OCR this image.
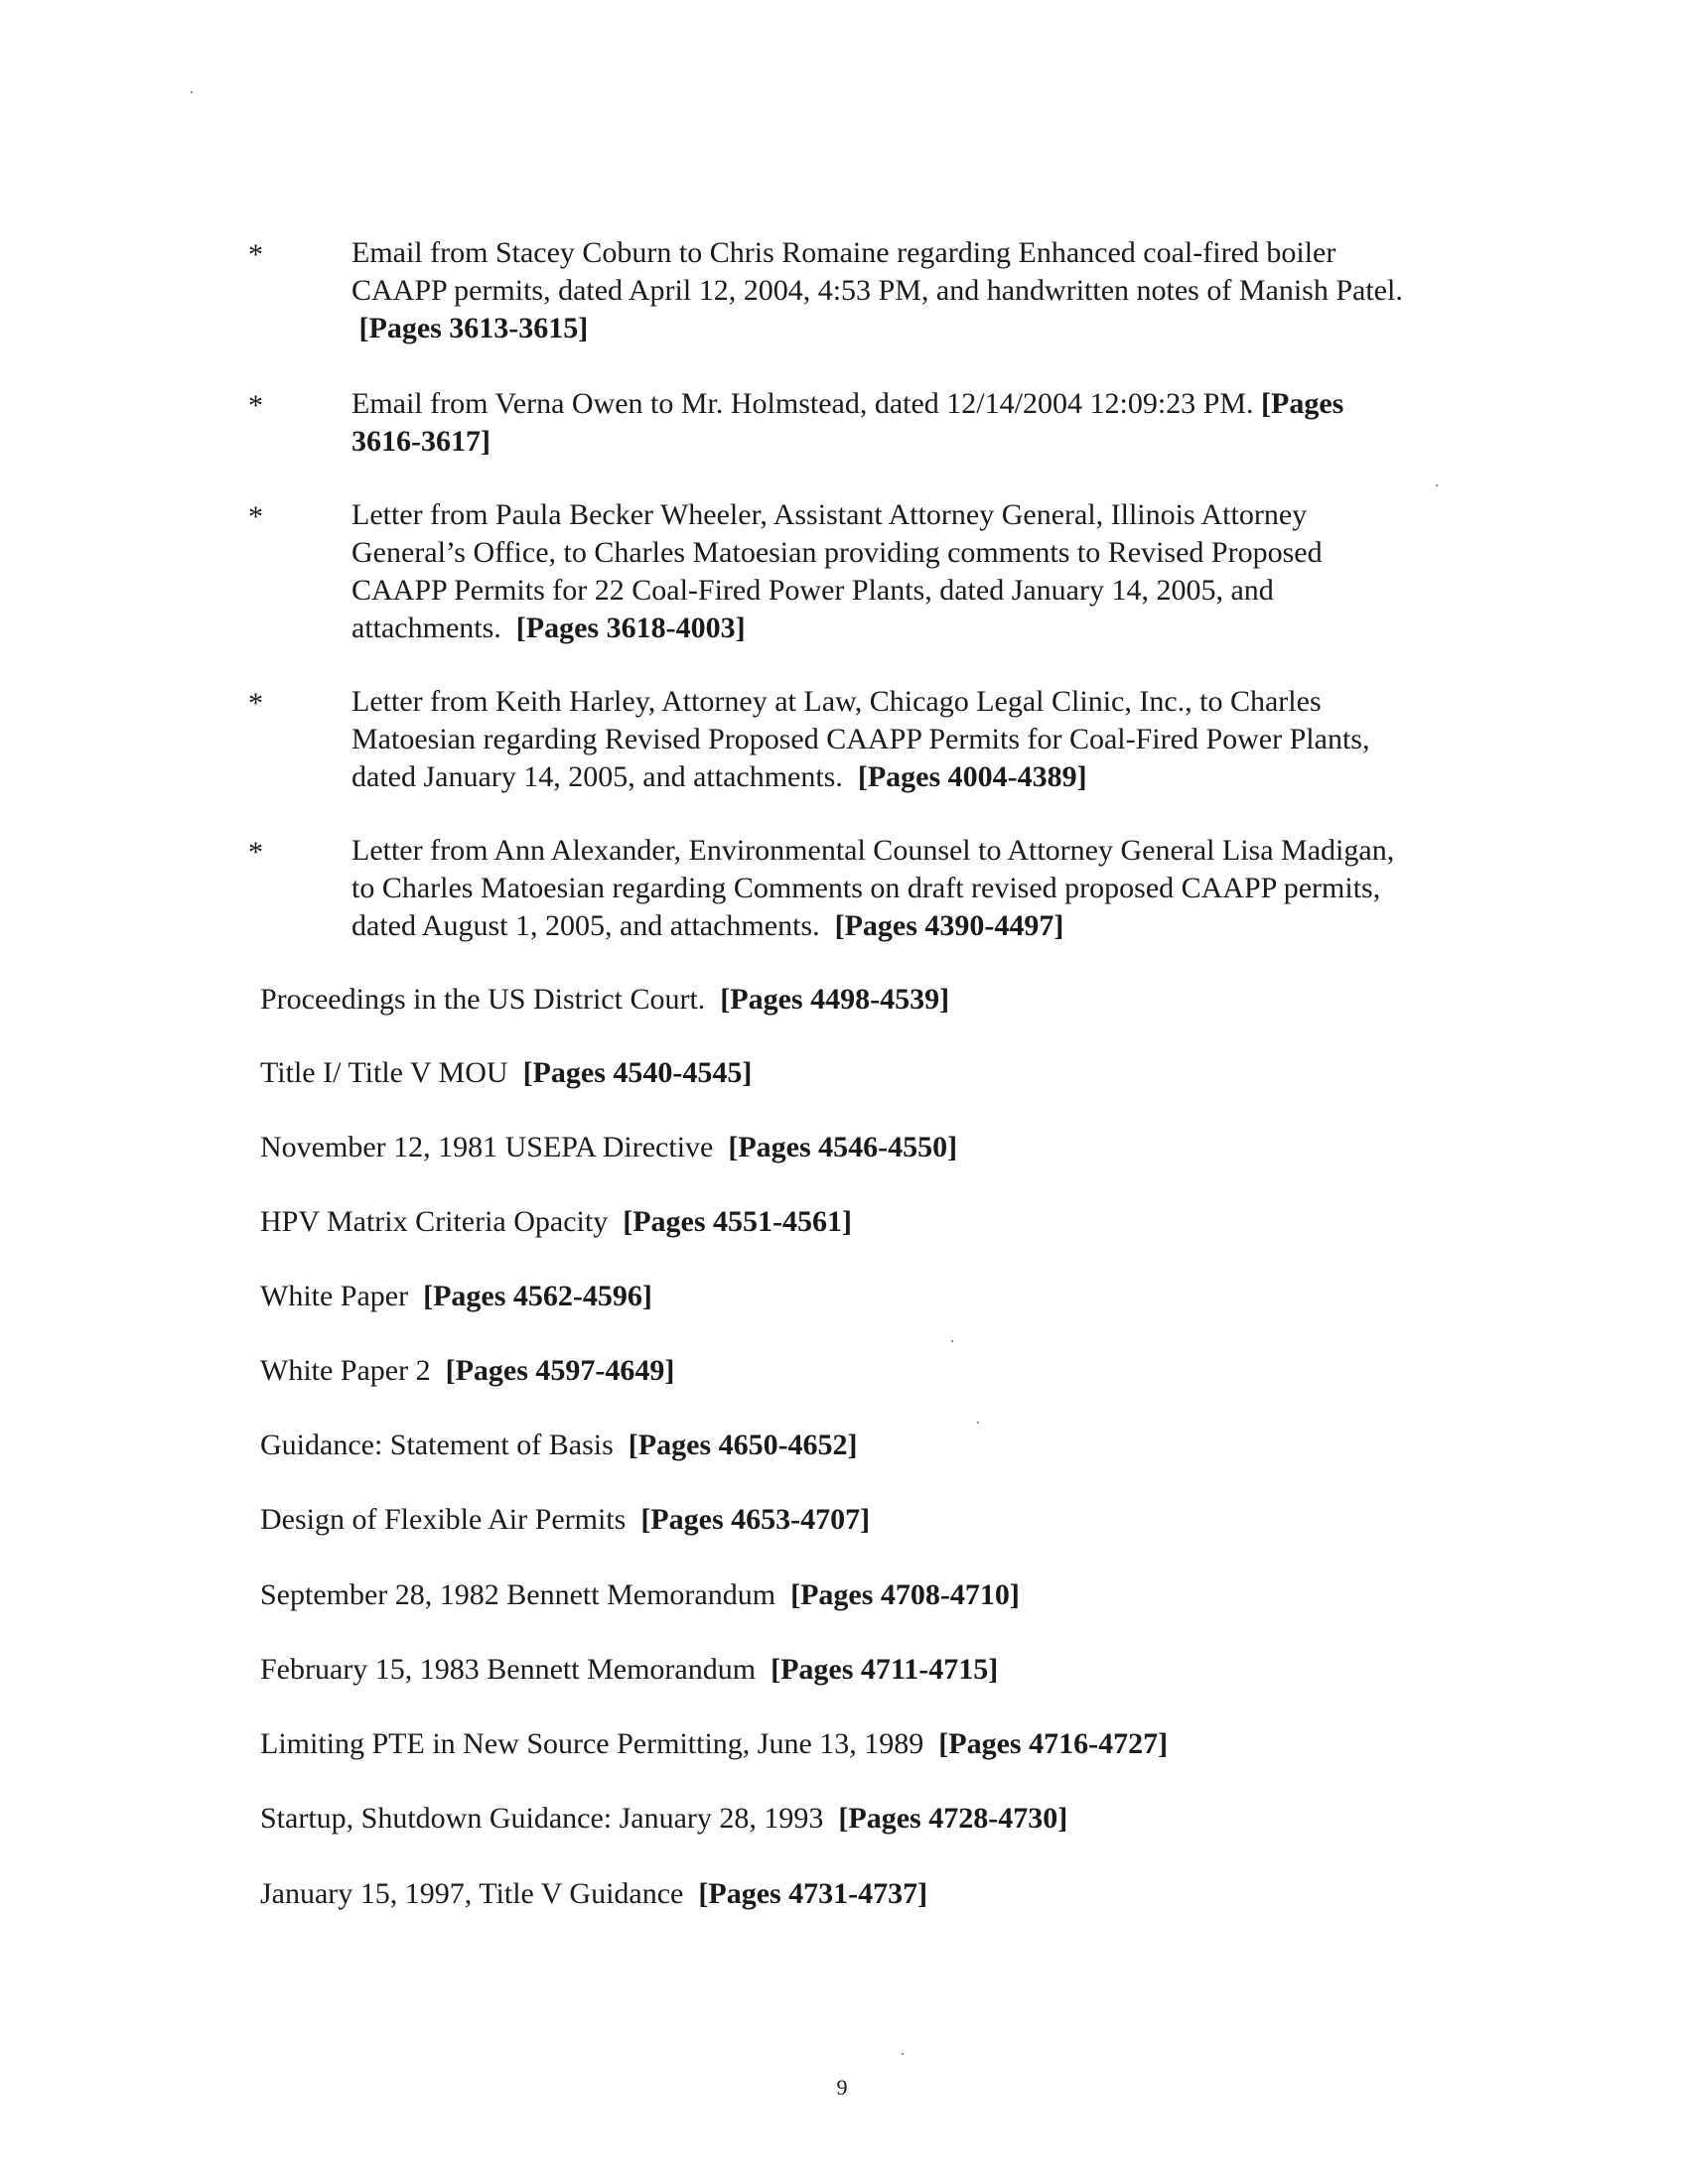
*	Email from Stacey Coburn to Chris Romaine regarding Enhanced coal-fired boiler CAAPP permits, dated April 12, 2004, 4:53 PM, and handwritten notes of Manish Patel.  [Pages 3613-3615]
*	Email from Verna Owen to Mr. Holmstead, dated 12/14/2004 12:09:23 PM. [Pages 3616-3617]
*	Letter from Paula Becker Wheeler, Assistant Attorney General, Illinois Attorney General’s Office, to Charles Matoesian providing comments to Revised Proposed CAAPP Permits for 22 Coal-Fired Power Plants, dated January 14, 2005, and attachments. [Pages 3618-4003]
*	Letter from Keith Harley, Attorney at Law, Chicago Legal Clinic, Inc., to Charles Matoesian regarding Revised Proposed CAAPP Permits for Coal-Fired Power Plants, dated January 14, 2005, and attachments. [Pages 4004-4389]
*	Letter from Ann Alexander, Environmental Counsel to Attorney General Lisa Madigan, to Charles Matoesian regarding Comments on draft revised proposed CAAPP permits, dated August 1, 2005, and attachments. [Pages 4390-4497]
Proceedings in the US District Court. [Pages 4498-4539]
Title I/ Title V MOU [Pages 4540-4545]
November 12, 1981 USEPA Directive [Pages 4546-4550]
HPV Matrix Criteria Opacity [Pages 4551-4561]
White Paper [Pages 4562-4596]
White Paper 2 [Pages 4597-4649]
Guidance: Statement of Basis [Pages 4650-4652]
Design of Flexible Air Permits [Pages 4653-4707]
September 28, 1982 Bennett Memorandum [Pages 4708-4710]
February 15, 1983 Bennett Memorandum [Pages 4711-4715]
Limiting PTE in New Source Permitting, June 13, 1989 [Pages 4716-4727]
Startup, Shutdown Guidance: January 28, 1993 [Pages 4728-4730]
January 15, 1997, Title V Guidance [Pages 4731-4737]
9
